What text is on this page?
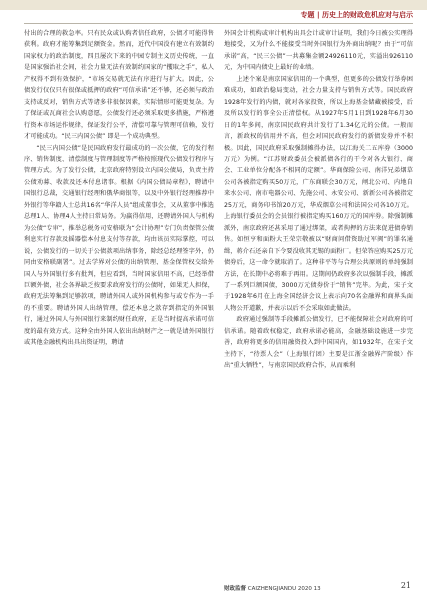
专题 | 历史上的财政危机应对与启示

付出的合理的救急率。只有民众或认购者信任政府，公债才可能得售获利。政府才能筹集到足额资金。然而，近代中国没有建立有效制约国家权力的政治制度，四且屡次下来的中园专制主义历史传统，一直是国家强治社会间，社会力量无法有效制约国家的“攫取之手”，私人产权得不到有效保护，“市场交易就无法有序进行与扩大。因此，公债发行仅仅只有很保或抵押的政府“可信承诺”还不够，还必须与政治支持或反对，销售方式等诸多非很保因素，实际情形可能更复杂。为了保证或瓦商社会认购意愿，公债发行还必须采取更多措施，严格遵行资本市场运作规律，保证发行公平，清偿可靠与管理可信赖，发行才可能成功。“民三内国公债” 即是一个成功典型。

“民三内国公债”是民国政府发行最成功的一次公债，它的发行程序、销售制度、清偿制度与管理制度等严格按照现代公债发行程序与管理方式。为了发行公债，北京政府特别设立内国公债局，负责主持公债劝募、收款及还本付息诸事。根据《内国公债局章程》，聘请中国银行总裁，交通银行经理和俄华商银等，以及中外银行经理推荐中外银行等华籍人士总共16名“华洋人员”组成董事会，又从董事中推选总理1人、协理4人主持日常局务。为赢得信用，还聘请外国人与机构为公债“专审”，推举总税务司安格联为“会计协理”专门负责保管公债利息实行存款及摇器偿本付息支付等存款，均由该员实际掌控，可以说，公债发行的一切关于公债款项出纳事务，除经总经理签字外，仍同由安格联副署”。过去学界对公债的出纳管理、基金保管权交给外国人与外国银行多有批判，但应看到，当时国家信用不高，已经举借巨额外债，社会各界缺乏按要求政府发行的公债时，如果无人担保，政府无法筹集到足够款项，聘请外国人或外国机构参与或专作为一手的不重要。聘请外国人出纳管理，偿还本息之款存到指定的外国银行，通过外国人与外国银行来制约财任政府，正是当时提高承诺可信度的最有效方式。这种全由外国人依出出纳财产之一就是请外国银行或其他金融机构出具出资证明，聘请

外国会计机构或审计机构出具会计或审计证明，我们今日被公实理得地接受，又为什么不能接受当时外国银行为外商出纳呢？由于“可信承诺”高，“民三公债”一共募集金额24926110元，实溢出926110元，为中国内债史上最好的业绩。

上述个案是南京国家信用的一个典型，但更多的公债发行举券困难成功，如政治稳局变动，社会力量支持与销售方式等。国民政府1928年发行的内债，就对各家投资，所以上海基金储藏被接受，后及所以发行的事全公正清偿权。从1927年5月1日到1928年6月30日的1年多间，南京国民政府共计发行了1.34亿元的公债。一般而言，新政权的信用并不高，但会对国民政府发行的新债发券并不积极。因此，国民政府采取强制摊得办法，以江海关二五库券（3000万元）为例。“江苏财政委员会被派债各行的干令对各大银行、商会、工业单位分配各不相同的定额”。华商保险公司、南洋兄弟烟草公司各被指定购买50万元，广东商联会30万元，闸北公司、内地自来水公司、南市电器公司、先施公司、永安公司、新新公司各被指定25万元，商务印书馆20万元，华成烟草公司和法国公司各10万元。上海银行委员会的会员银行被指定购买160万元的国库券。除强制摊派外，南京政府还甚采用了通过绑架，或者拘押的方法来促进债券销售。如恒亨和面粉大王荣宗敬被以“财商问借资助过军阀”的罪名通缉，蒋介石还亲自下令要没收其无锡的面粉厂。但荣答应购买25万元债券后，这一命令就取消了。这种非平等与合理公共原则的单纯强制方法，在长期中必将难于再用。这期间仍政府多次以强制手段，摊派了一系列巨额国债，3000万元债券价于“销售”完毕。为此，宋子文于1928年6月在上海全国经济会议上表示向70名金融界和商界头面人物公开道歉，并表示以后不会采取如此做法。

政府通过强制等手段摊派公债发行，已不能保障社会对政府的可信承诺。随着政权稳定，政府承诺必能高，金融基础设施进一步完善，政府将更多的信用融资投入到中国国内，如1932年，在宋子文主持下，“待票人会”（上海银行团）主要是江浙金融界产阶级）作出“重大牺牲”，与南京国民政府合作，从而乘利

财政监督 CAIZHENGJIANDU 2020 13	21
